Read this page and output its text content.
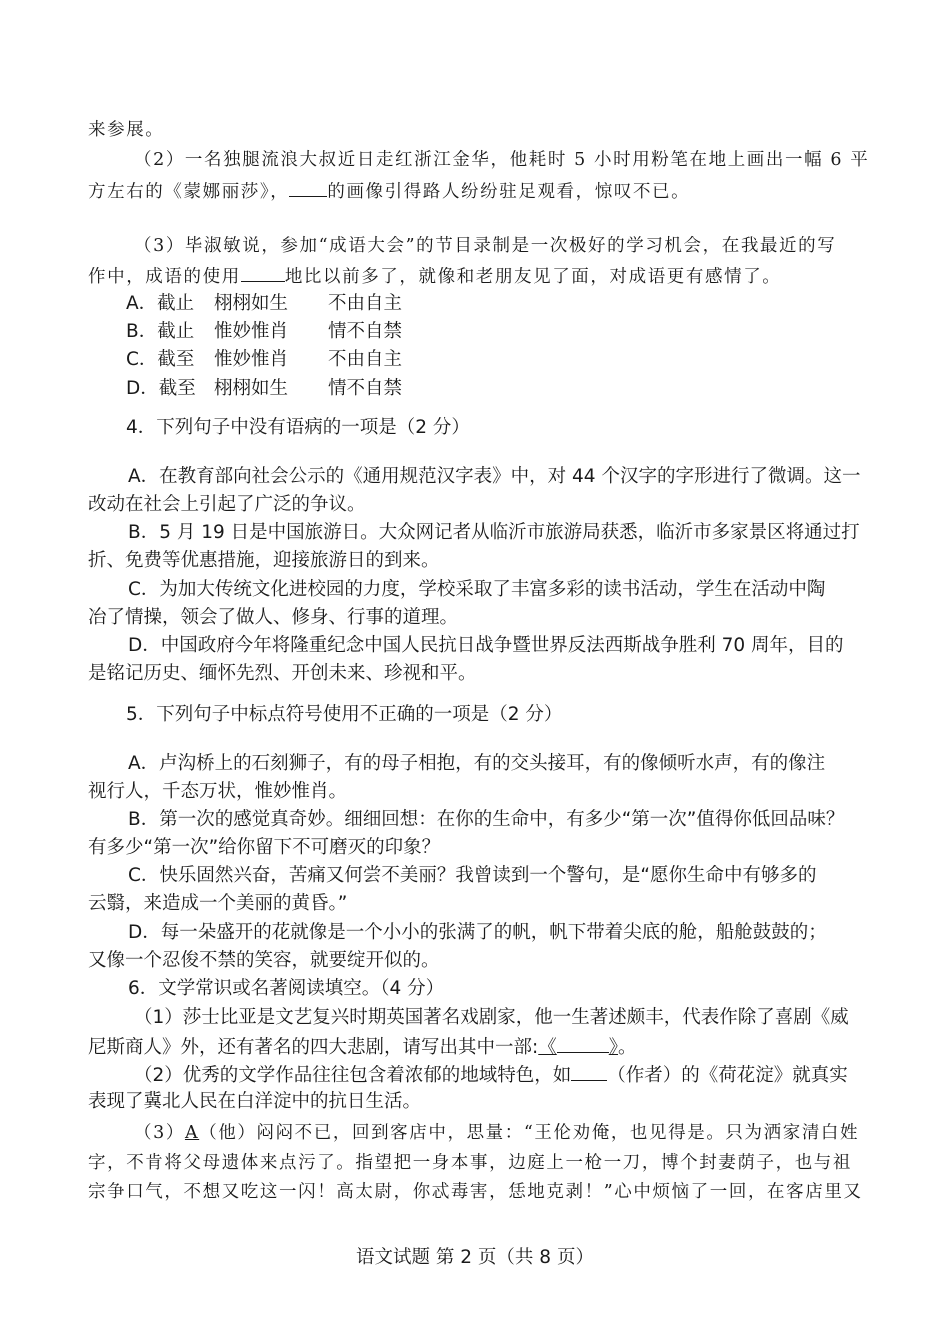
来参展。
（2）一名独腿流浪大叔近日走红浙江金华，他耗时 5 小时用粉笔在地上画出一幅 6 平
方左右的《蒙娜丽莎》， 的画像引得路人纷纷驻足观看，惊叹不已。
（3）毕淑敏说，参加“成语大会”的节目录制是一次极好的学习机会，在我最近的写
作中，成语的使用	地比以前多了，就像和老朋友见了面，对成语更有感情了。
A．截止 栩栩如生 不由自主
B．截止 惟妙惟肖 情不自禁
C．截至 惟妙惟肖 不由自主
D．截至 栩栩如生 情不自禁
4．下列句子中没有语病的一项是（2 分）
A．在教育部向社会公示的《通用规范汉字表》中，对 44 个汉字的字形进行了微调。这一
改动在社会上引起了广泛的争议。
B．5 月 19 日是中国旅游日。大众网记者从临沂市旅游局获悉，临沂市多家景区将通过打
折、免费等优惠措施，迎接旅游日的到来。
C．为加大传统文化进校园的力度，学校采取了丰富多彩的读书活动，学生在活动中陶
冶了情操，领会了做人、修身、行事的道理。
D．中国政府今年将隆重纪念中国人民抗日战争暨世界反法西斯战争胜利 70 周年，目的
是铭记历史、缅怀先烈、开创未来、珍视和平。
5．下列句子中标点符号使用不正确的一项是（2 分）
A．卢沟桥上的石刻狮子，有的母子相抱，有的交头接耳，有的像倾听水声，有的像注
视行人，千态万状，惟妙惟肖。
B．第一次的感觉真奇妙。细细回想：在你的生命中，有多少“第一次”值得你低回品味？
有多少“第一次”给你留下不可磨灭的印象？
C．快乐固然兴奋，苦痛又何尝不美丽？我曾读到一个警句，是“愿你生命中有够多的
云翳，来造成一个美丽的黄昏。”
D．每一朵盛开的花就像是一个小小的张满了的帆，帆下带着尖底的舱，船舱鼓鼓的；
又像一个忍俊不禁的笑容，就要绽开似的。
6．文学常识或名著阅读填空。（4 分）
（1）莎士比亚是文艺复兴时期英国著名戏剧家，他一生著述颇丰，代表作除了喜剧《威
尼斯商人》外，还有著名的四大悲剧，请写出其中一部:《	》。
（2）优秀的文学作品往往包含着浓郁的地域特色，如 （作者）的《荷花淀》就真实
表现了冀北人民在白洋淀中的抗日生活。
（3）A（他）闷闷不已，回到客店中，思量：“王伦劝俺，也见得是。只为洒家清白姓
字，不肯将父母遗体来点污了。指望把一身本事，边庭上一枪一刀，博个封妻荫子，也与祖
宗争口气，不想又吃这一闪！高太尉，你忒毒害，恁地克剥！”心中烦恼了一回，在客店里又
语文试题 第 2 页（共 8 页）
